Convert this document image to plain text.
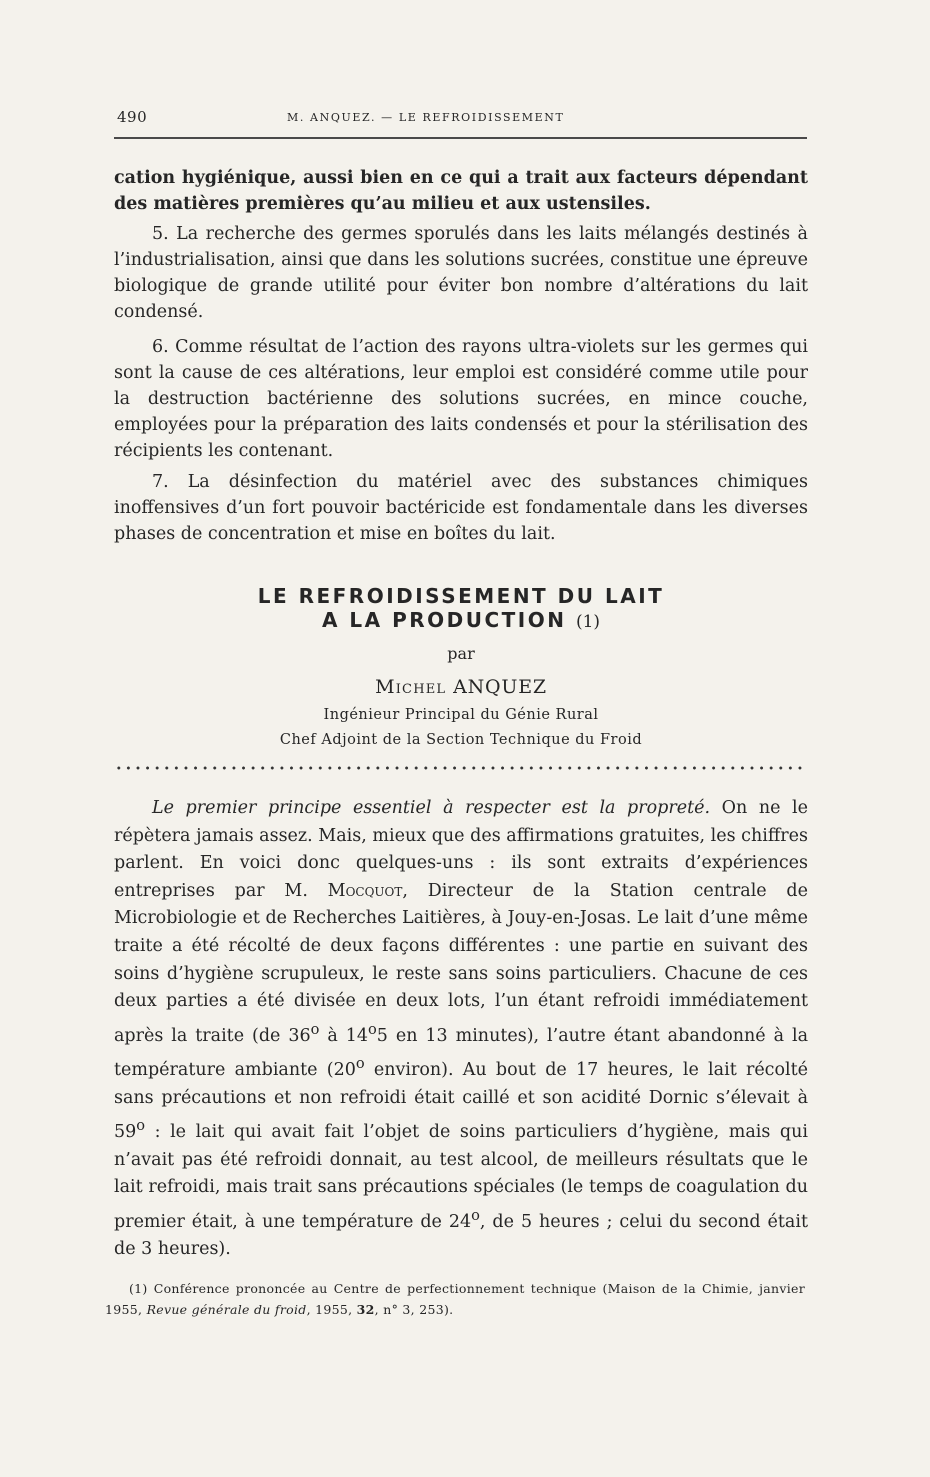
490	M. ANQUEZ. — LE REFROIDISSEMENT

cation hygiénique, aussi bien en ce qui a trait aux facteurs dépendant des matières premières qu’au milieu et aux ustensiles.

5. La recherche des germes sporulés dans les laits mélangés destinés à l’industrialisation, ainsi que dans les solutions sucrées, constitue une épreuve biologique de grande utilité pour éviter bon nombre d’altérations du lait condensé.

6. Comme résultat de l’action des rayons ultra-violets sur les germes qui sont la cause de ces altérations, leur emploi est considéré comme utile pour la destruction bactérienne des solutions sucrées, en mince couche, employées pour la préparation des laits condensés et pour la stérilisation des récipients les contenant.

7. La désinfection du matériel avec des substances chimiques inoffensives d’un fort pouvoir bactéricide est fondamentale dans les diverses phases de concentration et mise en boîtes du lait.

LE REFROIDISSEMENT DU LAIT
A LA PRODUCTION (1)

par

Michel ANQUEZ

Ingénieur Principal du Génie Rural

Chef Adjoint de la Section Technique du Froid

Le premier principe essentiel à respecter est la propreté. On ne le répètera jamais assez. Mais, mieux que des affirmations gratuites, les chiffres parlent. En voici donc quelques-uns : ils sont extraits d’expériences entreprises par M. Mocquot, Directeur de la Station centrale de Microbiologie et de Recherches Laitières, à Jouy-en-Josas. Le lait d’une même traite a été récolté de deux façons différentes : une partie en suivant des soins d’hygiène scrupuleux, le reste sans soins particuliers. Chacune de ces deux parties a été divisée en deux lots, l’un étant refroidi immédiatement après la traite (de 36$^o$ à 14$^o$5 en 13 minutes), l’autre étant abandonné à la température ambiante (20$^o$ environ). Au bout de 17 heures, le lait récolté sans précautions et non refroidi était caillé et son acidité Dornic s’élevait à 59$^o$ : le lait qui avait fait l’objet de soins particuliers d’hygiène, mais qui n’avait pas été refroidi donnait, au test alcool, de meilleurs résultats que le lait refroidi, mais trait sans précautions spéciales (le temps de coagulation du premier était, à une température de 24$^o$, de 5 heures ; celui du second était de 3 heures).

(1) Conférence prononcée au Centre de perfectionnement technique (Maison de la Chimie, janvier 1955, Revue générale du froid, 1955, 32, n° 3, 253).
